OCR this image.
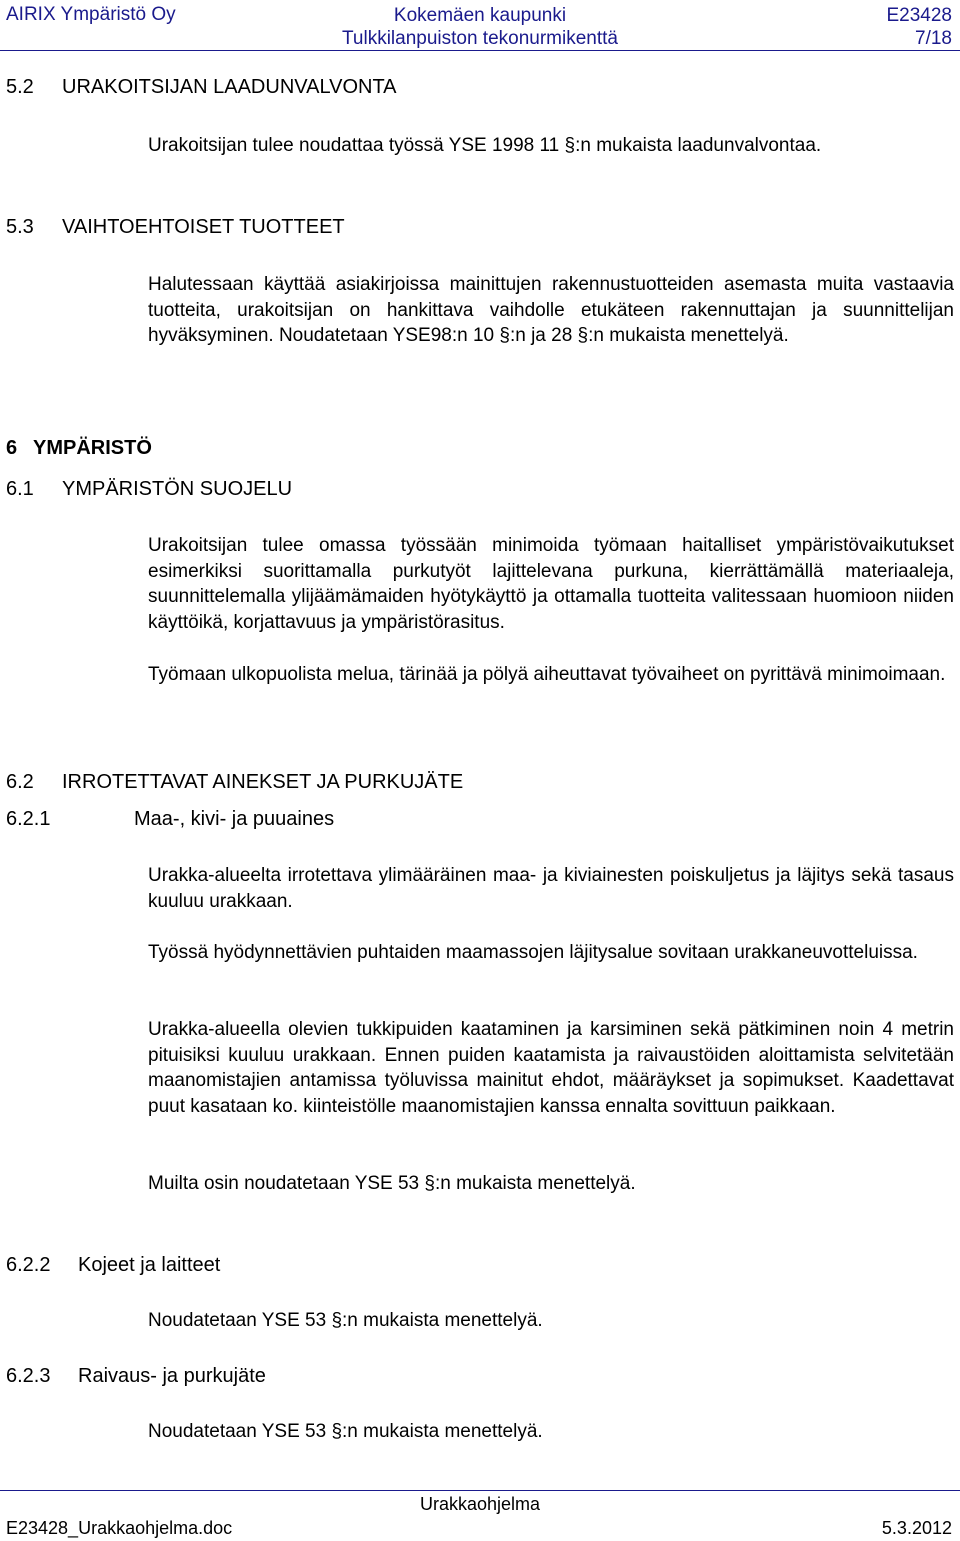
AIRIX Ympäristö Oy	Kokemäen kaupunki
Tulkkilanpuiston tekonurmikenttä
E23428
7/18
5.2 URAKOITSIJAN LAADUNVALVONTA
Urakoitsijan tulee noudattaa työssä YSE 1998 11 §:n mukaista laadunvalvontaa.
5.3 VAIHTOEHTOISET TUOTTEET
Halutessaan käyttää asiakirjoissa mainittujen rakennustuotteiden asemasta muita vastaavia tuotteita, urakoitsijan on hankittava vaihdolle etukäteen rakennuttajan ja suunnittelijan hyväksyminen. Noudatetaan YSE98:n 10 §:n ja 28 §:n mukaista menettelyä.
6 YMPÄRISTÖ
6.1 YMPÄRISTÖN SUOJELU
Urakoitsijan tulee omassa työssään minimoida työmaan haitalliset ympäristövaikutukset esimerkiksi suorittamalla purkutyöt lajittelevana purkuna, kierrättämällä materiaaleja, suunnittelemalla ylijäämämaiden hyötykäyttö ja ottamalla tuotteita valitessaan huomioon niiden käyttöikä, korjattavuus ja ympäristörasitus.
Työmaan ulkopuolista melua, tärinää ja pölyä aiheuttavat työvaiheet on pyrittävä minimoimaan.
6.2 IRROTETTAVAT AINEKSET JA PURKUJÄTE
6.2.1	Maa-, kivi- ja puuaines
Urakka-alueelta irrotettava ylimääräinen maa- ja kiviainesten poiskuljetus ja läjitys sekä tasaus kuuluu urakkaan.
Työssä hyödynnettävien puhtaiden maamassojen läjitysalue sovitaan urakkaneuvotteluissa.
Urakka-alueella olevien tukkipuiden kaatаminen ja karsiminen sekä pätkiminen noin 4 metrin pituisiksi kuuluu urakkaan. Ennen puiden kaatamista ja raivaustöiden aloittamista selvitetään maanomistajien antamissa työluvissa mainitut ehdot, määräykset ja sopimukset. Kaadettavat puut kasataan ko. kiinteistölle maanomistajien kanssa ennalta sovittuun paikkaan.
Muilta osin noudatetaan YSE 53 §:n mukaista menettelyä.
6.2.2 Kojeet ja laitteet
Noudatetaan YSE 53 §:n mukaista menettelyä.
6.2.3 Raivaus- ja purkujäte
Noudatetaan YSE 53 §:n mukaista menettelyä.
Urakkaohjelma
E23428_Urakkaohjelma.doc	5.3.2012
